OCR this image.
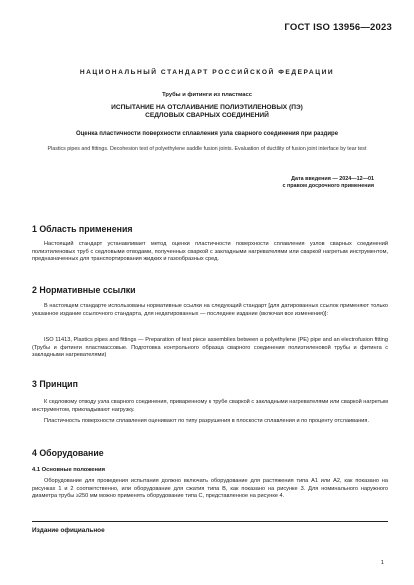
ГОСТ ISO 13956—2023
НАЦИОНАЛЬНЫЙ СТАНДАРТ РОССИЙСКОЙ ФЕДЕРАЦИИ
Трубы и фитинги из пластмасс
ИСПЫТАНИЕ НА ОТСЛАИВАНИЕ ПОЛИЭТИЛЕНОВЫХ (ПЭ)
СЕДЛОВЫХ СВАРНЫХ СОЕДИНЕНИЙ
Оценка пластичности поверхности сплавления узла сварного соединения при раздире
Plastics pipes and fittings. Decohesion test of polyethylene saddle fusion joints. Evaluation of ductility of fusion joint interface by tear test
Дата введения — 2024—12—01
с правом досрочного применения
1 Область применения
Настоящий стандарт устанавливает метод оценки пластичности поверхности сплавления узлов сварных соединений полиэтиленовых труб с седловыми отводами, полученных сваркой с закладными нагревателями или сваркой нагретым инструментом, предназначенных для транспортирования жидких и газообразных сред.
2 Нормативные ссылки
В настоящем стандарте использованы нормативные ссылки на следующий стандарт [для датированных ссылок применяют только указанное издание ссылочного стандарта, для недатированных — последнее издание (включая все изменения)]:
ISO 11413, Plastics pipes and fittings — Preparation of test piece assemblies between a polyethylene (PE) pipe and an electrofusion fitting (Трубы и фитинги пластмассовые. Подготовка контрольного образца сварного соединения полиэтиленовой трубы и фитинга с закладными нагревателями)
3 Принцип
К седловому отводу узла сварного соединения, приваренному к трубе сваркой с закладными нагревателями или сваркой нагретым инструментом, прикладывают нагрузку.
Пластичность поверхности сплавления оценивают по типу разрушения в плоскости сплавления и по проценту отслаивания.
4 Оборудование
4.1 Основные положения
Оборудование для проведения испытания должно включать оборудование для растяжения типа А1 или А2, как показано на рисунках 1 и 2 соответственно, или оборудование для сжатия типа В, как показано на рисунке 3. Для номинального наружного диаметра трубы ≥250 мм можно применять оборудование типа С, представленное на рисунке 4.
Издание официальное
1
